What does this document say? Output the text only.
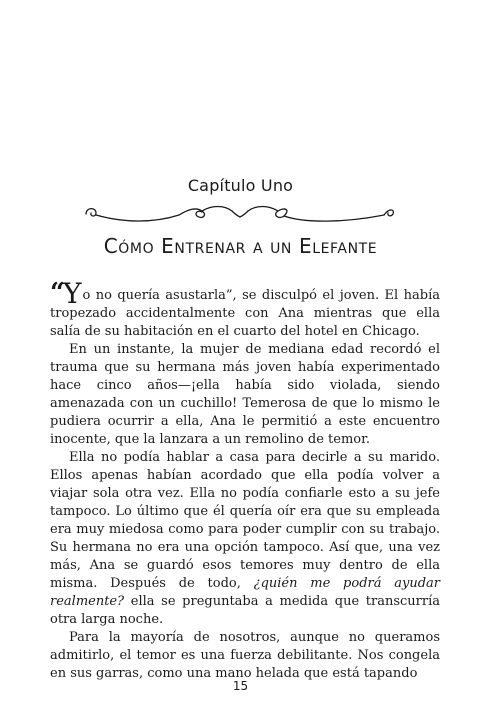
Capítulo Uno
Cómo Entrenar a un Elefante

“Yo no quería asustarla”, se disculpó el joven. El había tropezado accidentalmente con Ana mientras que ella salía de su habitación en el cuarto del hotel en Chicago.

En un instante, la mujer de mediana edad recordó el trauma que su hermana más joven había experimentado hace cinco años—¡ella había sido violada, siendo amenazada con un cuchillo! Temerosa de que lo mismo le pudiera ocurrir a ella, Ana le permitió a este encuentro inocente, que la lanzara a un remolino de temor.

Ella no podía hablar a casa para decirle a su marido. Ellos apenas habían acordado que ella podía volver a viajar sola otra vez. Ella no podía confiarle esto a su jefe tampoco. Lo último que él quería oír era que su empleada era muy miedosa como para poder cumplir con su trabajo. Su hermana no era una opción tampoco. Así que, una vez más, Ana se guardó esos temores muy dentro de ella misma. Después de todo, ¿quién me podrá ayudar realmente? ella se preguntaba a medida que transcurría otra larga noche.

Para la mayoría de nosotros, aunque no queramos admitirlo, el temor es una fuerza debilitante. Nos congela en sus garras, como una mano helada que está tapando

15
